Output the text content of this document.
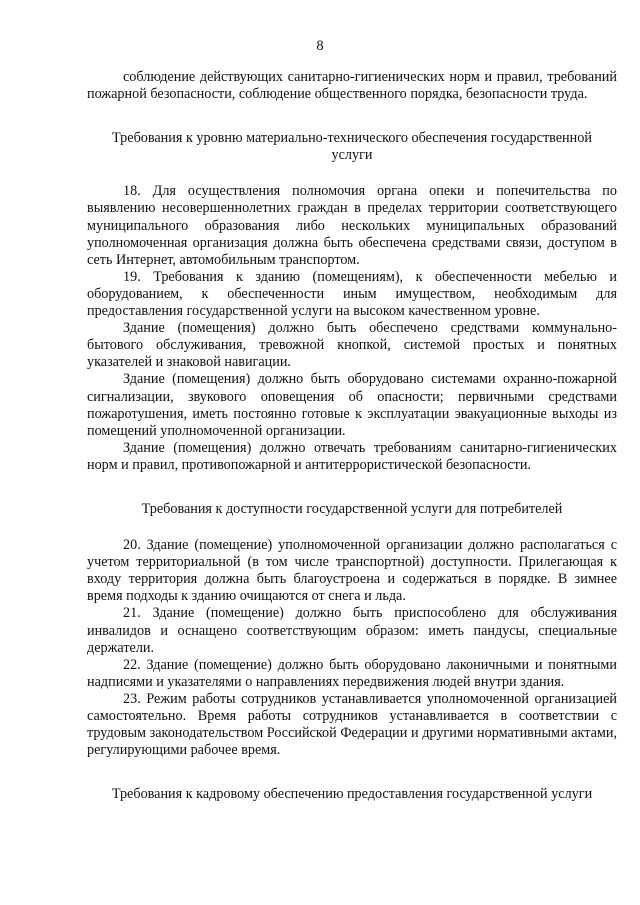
8

соблюдение действующих санитарно-гигиенических норм и правил, требований пожарной безопасности, соблюдение общественного порядка, безопасности труда.

Требования к уровню материально-технического обеспечения государственной услуги

18. Для осуществления полномочия органа опеки и попечительства по выявлению несовершеннолетних граждан в пределах территории соответствующего муниципального образования либо нескольких муниципальных образований уполномоченная организация должна быть обеспечена средствами связи, доступом в сеть Интернет, автомобильным транспортом.

19. Требования к зданию (помещениям), к обеспеченности мебелью и оборудованием, к обеспеченности иным имуществом, необходимым для предоставления государственной услуги на высоком качественном уровне.

Здание (помещения) должно быть обеспечено средствами коммунально-бытового обслуживания, тревожной кнопкой, системой простых и понятных указателей и знаковой навигации.

Здание (помещения) должно быть оборудовано системами охранно-пожарной сигнализации, звукового оповещения об опасности; первичными средствами пожаротушения, иметь постоянно готовые к эксплуатации эвакуационные выходы из помещений уполномоченной организации.

Здание (помещения) должно отвечать требованиям санитарно-гигиенических норм и правил, противопожарной и антитеррористической безопасности.

Требования к доступности государственной услуги для потребителей

20. Здание (помещение) уполномоченной организации должно располагаться с учетом территориальной (в том числе транспортной) доступности. Прилегающая к входу территория должна быть благоустроена и содержаться в порядке. В зимнее время подходы к зданию очищаются от снега и льда.

21. Здание (помещение) должно быть приспособлено для обслуживания инвалидов и оснащено соответствующим образом: иметь пандусы, специальные держатели.

22. Здание (помещение) должно быть оборудовано лаконичными и понятными надписями и указателями о направлениях передвижения людей внутри здания.

23. Режим работы сотрудников устанавливается уполномоченной организацией самостоятельно. Время работы сотрудников устанавливается в соответствии с трудовым законодательством Российской Федерации и другими нормативными актами, регулирующими рабочее время.

Требования к кадровому обеспечению предоставления государственной услуги
